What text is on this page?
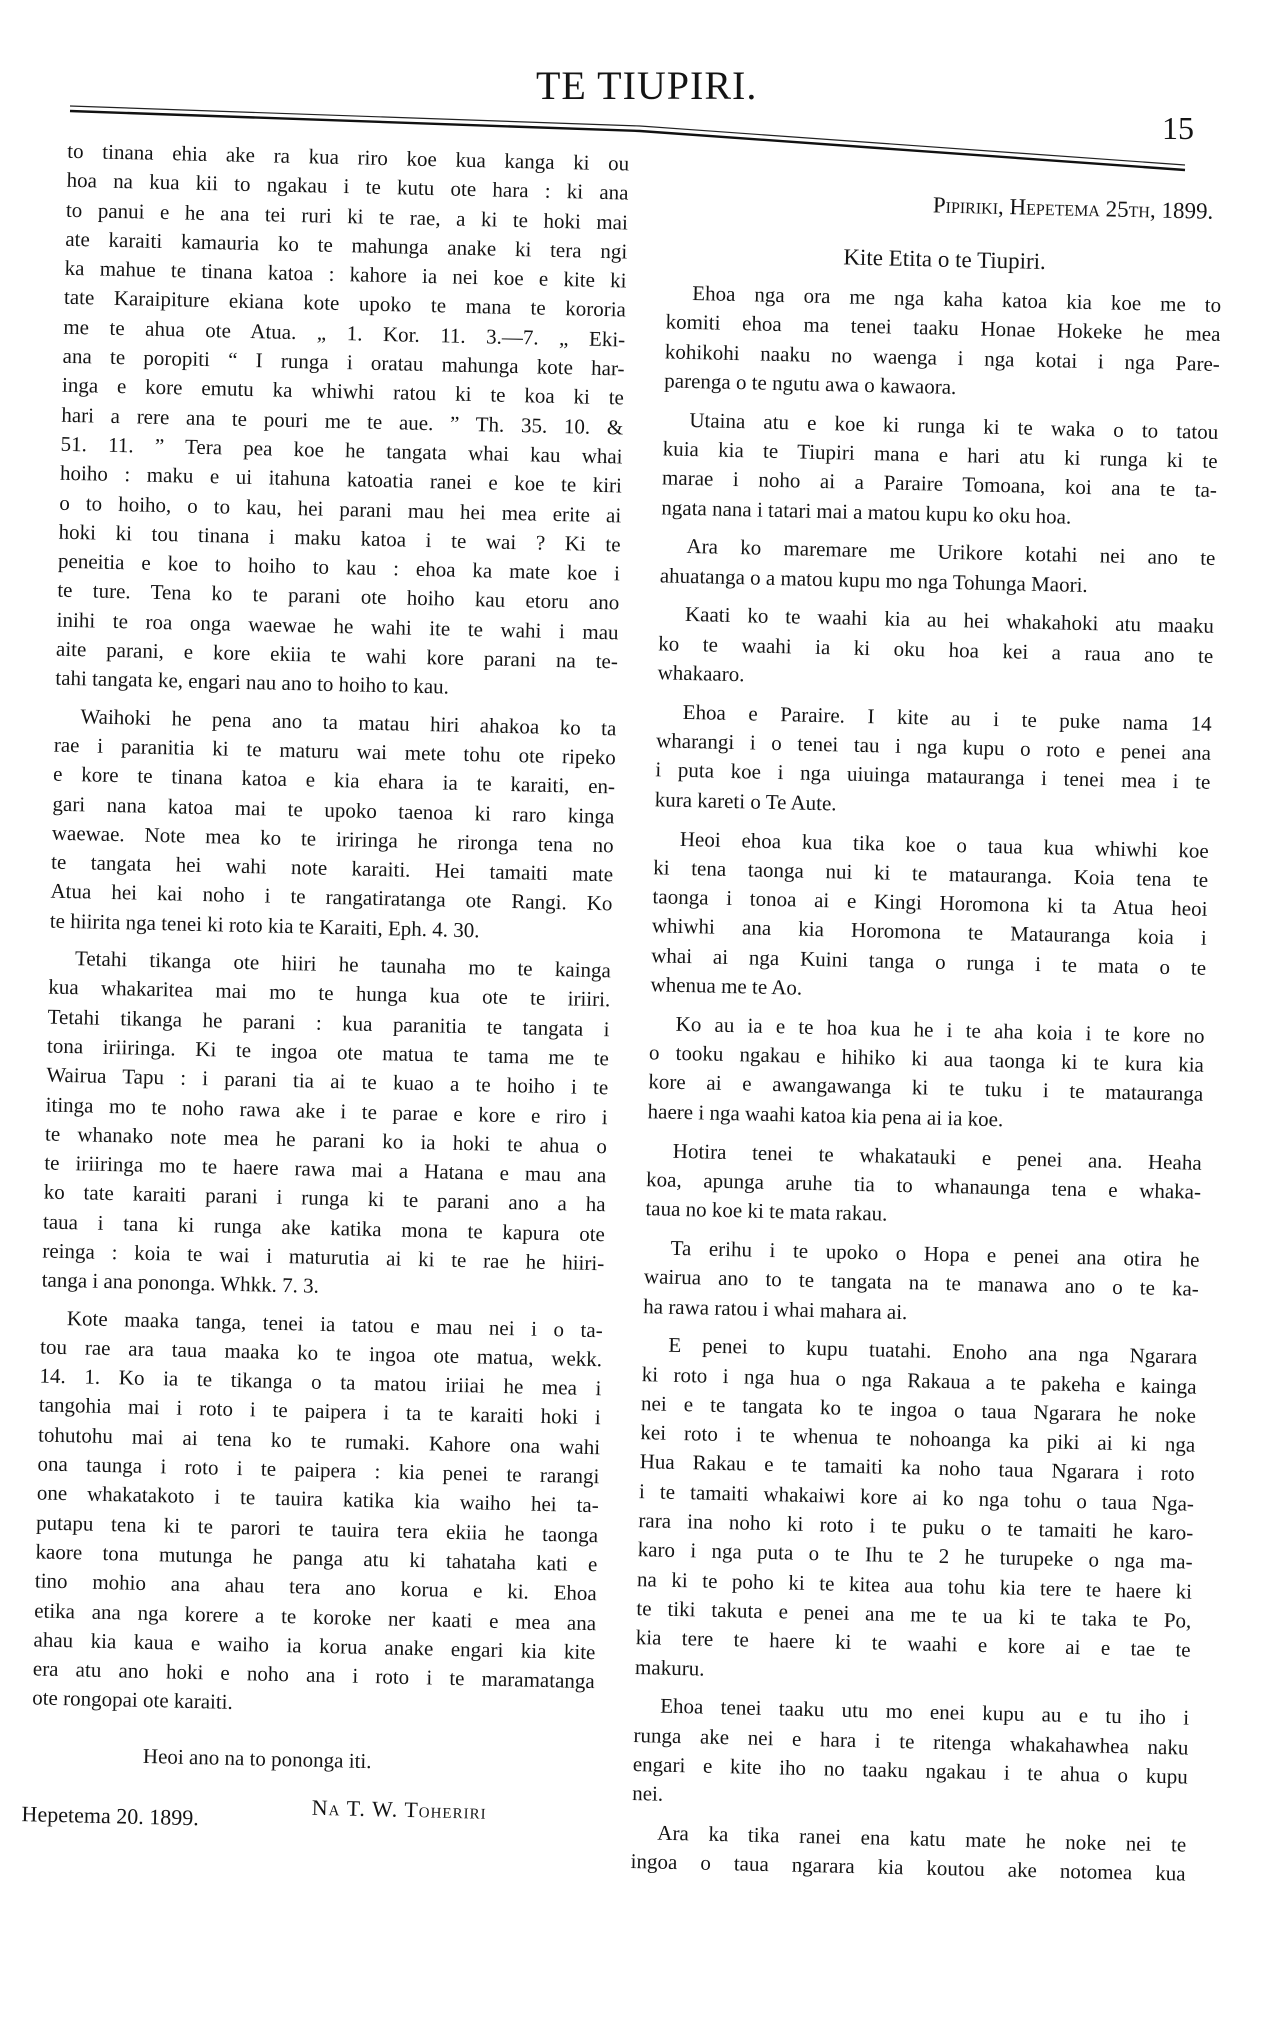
TE TIUPIRI.
15
to tinana ehia ake ra kua riro koe kua kanga ki ou
hoa na kua kii to ngakau i te kutu ote hara : ki ana
to panui e he ana tei ruri ki te rae, a ki te hoki mai
ate karaiti kamauria ko te mahunga anake ki tera ngi
ka mahue te tinana katoa : kahore ia nei koe e kite ki
tate Karaipiture ekiana kote upoko te mana te kororia
me te ahua ote Atua. „ 1. Kor. 11. 3.—7. „ Eki-
ana te poropiti “ I runga i oratau mahunga kote har-
inga e kore emutu ka whiwhi ratou ki te koa ki te
hari a rere ana te pouri me te aue. ” Th. 35. 10. &
51. 11. ” Tera pea koe he tangata whai kau whai
hoiho : maku e ui itahuna katoatia ranei e koe te kiri
o to hoiho, o to kau, hei parani mau hei mea erite ai
hoki ki tou tinana i maku katoa i te wai ? Ki te
peneitia e koe to hoiho to kau : ehoa ka mate koe i
te ture. Tena ko te parani ote hoiho kau etoru ano
inihi te roa onga waewae he wahi ite te wahi i mau
aite parani, e kore ekiia te wahi kore parani na te-
tahi tangata ke, engari nau ano to hoiho to kau.
Waihoki he pena ano ta matau hiri ahakoa ko ta
rae i paranitia ki te maturu wai mete tohu ote ripeko
e kore te tinana katoa e kia ehara ia te karaiti, en-
gari nana katoa mai te upoko taenoa ki raro kinga
waewae. Note mea ko te iriringa he rironga tena no
te tangata hei wahi note karaiti. Hei tamaiti mate
Atua hei kai noho i te rangatiratanga ote Rangi. Ko
te hiirita nga tenei ki roto kia te Karaiti, Eph. 4. 30.
Tetahi tikanga ote hiiri he taunaha mo te kainga
kua whakaritea mai mo te hunga kua ote te iriiri.
Tetahi tikanga he parani : kua paranitia te tangata i
tona iriiringa. Ki te ingoa ote matua te tama me te
Wairua Tapu : i parani tia ai te kuao a te hoiho i te
itinga mo te noho rawa ake i te parae e kore e riro i
te whanako note mea he parani ko ia hoki te ahua o
te iriiringa mo te haere rawa mai a Hatana e mau ana
ko tate karaiti parani i runga ki te parani ano a ha
taua i tana ki runga ake katika mona te kapura ote
reinga : koia te wai i maturutia ai ki te rae he hiiri-
tanga i ana pononga. Whkk. 7. 3.
Kote maaka tanga, tenei ia tatou e mau nei i o ta-
tou rae ara taua maaka ko te ingoa ote matua, wekk.
14. 1. Ko ia te tikanga o ta matou iriiai he mea i
tangohia mai i roto i te paipera i ta te karaiti hoki i
tohutohu mai ai tena ko te rumaki. Kahore ona wahi
ona taunga i roto i te paipera : kia penei te rarangi
one whakatakoto i te tauira katika kia waiho hei ta-
putapu tena ki te parori te tauira tera ekiia he taonga
kaore tona mutunga he panga atu ki tahataha kati e
tino mohio ana ahau tera ano korua e ki. Ehoa
etika ana nga korere a te koroke ner kaati e mea ana
ahau kia kaua e waiho ia korua anake engari kia kite
era atu ano hoki e noho ana i roto i te maramatanga
ote rongopai ote karaiti.
Heoi ano na to pononga iti.
Hepetema 20. 1899.	Na T. W. Toheriri
Pipiriki, Hepetema 25th, 1899.
Kite Etita o te Tiupiri.
Ehoa nga ora me nga kaha katoa kia koe me to
komiti ehoa ma tenei taaku Honae Hokeke he mea
kohikohi naaku no waenga i nga kotai i nga Pare-
parenga o te ngutu awa o kawaora.
Utaina atu e koe ki runga ki te waka o to tatou
kuia kia te Tiupiri mana e hari atu ki runga ki te
marae i noho ai a Paraire Tomoana, koi ana te ta-
ngata nana i tatari mai a matou kupu ko oku hoa.
Ara ko maremare me Urikore kotahi nei ano te
ahuatanga o a matou kupu mo nga Tohunga Maori.
Kaati ko te waahi kia au hei whakahoki atu maaku
ko te waahi ia ki oku hoa kei a raua ano te
whakaaro.
Ehoa e Paraire. I kite au i te puke nama 14
wharangi i o tenei tau i nga kupu o roto e penei ana
i puta koe i nga uiuinga matauranga i tenei mea i te
kura kareti o Te Aute.
Heoi ehoa kua tika koe o taua kua whiwhi koe
ki tena taonga nui ki te matauranga. Koia tena te
taonga i tonoa ai e Kingi Horomona ki ta Atua heoi
whiwhi ana kia Horomona te Matauranga koia i
whai ai nga Kuini tanga o runga i te mata o te
whenua me te Ao.
Ko au ia e te hoa kua he i te aha koia i te kore no
o tooku ngakau e hihiko ki aua taonga ki te kura kia
kore ai e awangawanga ki te tuku i te matauranga
haere i nga waahi katoa kia pena ai ia koe.
Hotira tenei te whakatauki e penei ana. Heaha
koa, apunga aruhe tia to whanaunga tena e whaka-
taua no koe ki te mata rakau.
Ta erihu i te upoko o Hopa e penei ana otira he
wairua ano to te tangata na te manawa ano o te ka-
ha rawa ratou i whai mahara ai.
E penei to kupu tuatahi. Enoho ana nga Ngarara
ki roto i nga hua o nga Rakaua a te pakeha e kainga
nei e te tangata ko te ingoa o taua Ngarara he noke
kei roto i te whenua te nohoanga ka piki ai ki nga
Hua Rakau e te tamaiti ka noho taua Ngarara i roto
i te tamaiti whakaiwi kore ai ko nga tohu o taua Nga-
rara ina noho ki roto i te puku o te tamaiti he karo-
karo i nga puta o te Ihu te 2 he turupeke o nga ma-
na ki te poho ki te kitea aua tohu kia tere te haere ki
te tiki takuta e penei ana me te ua ki te taka te Po,
kia tere te haere ki te waahi e kore ai e tae te
makuru.
Ehoa tenei taaku utu mo enei kupu au e tu iho i
runga ake nei e hara i te ritenga whakahawhea naku
engari e kite iho no taaku ngakau i te ahua o kupu
nei.
Ara ka tika ranei ena katu mate he noke nei te
ingoa o taua ngarara kia koutou ake notomea kua
